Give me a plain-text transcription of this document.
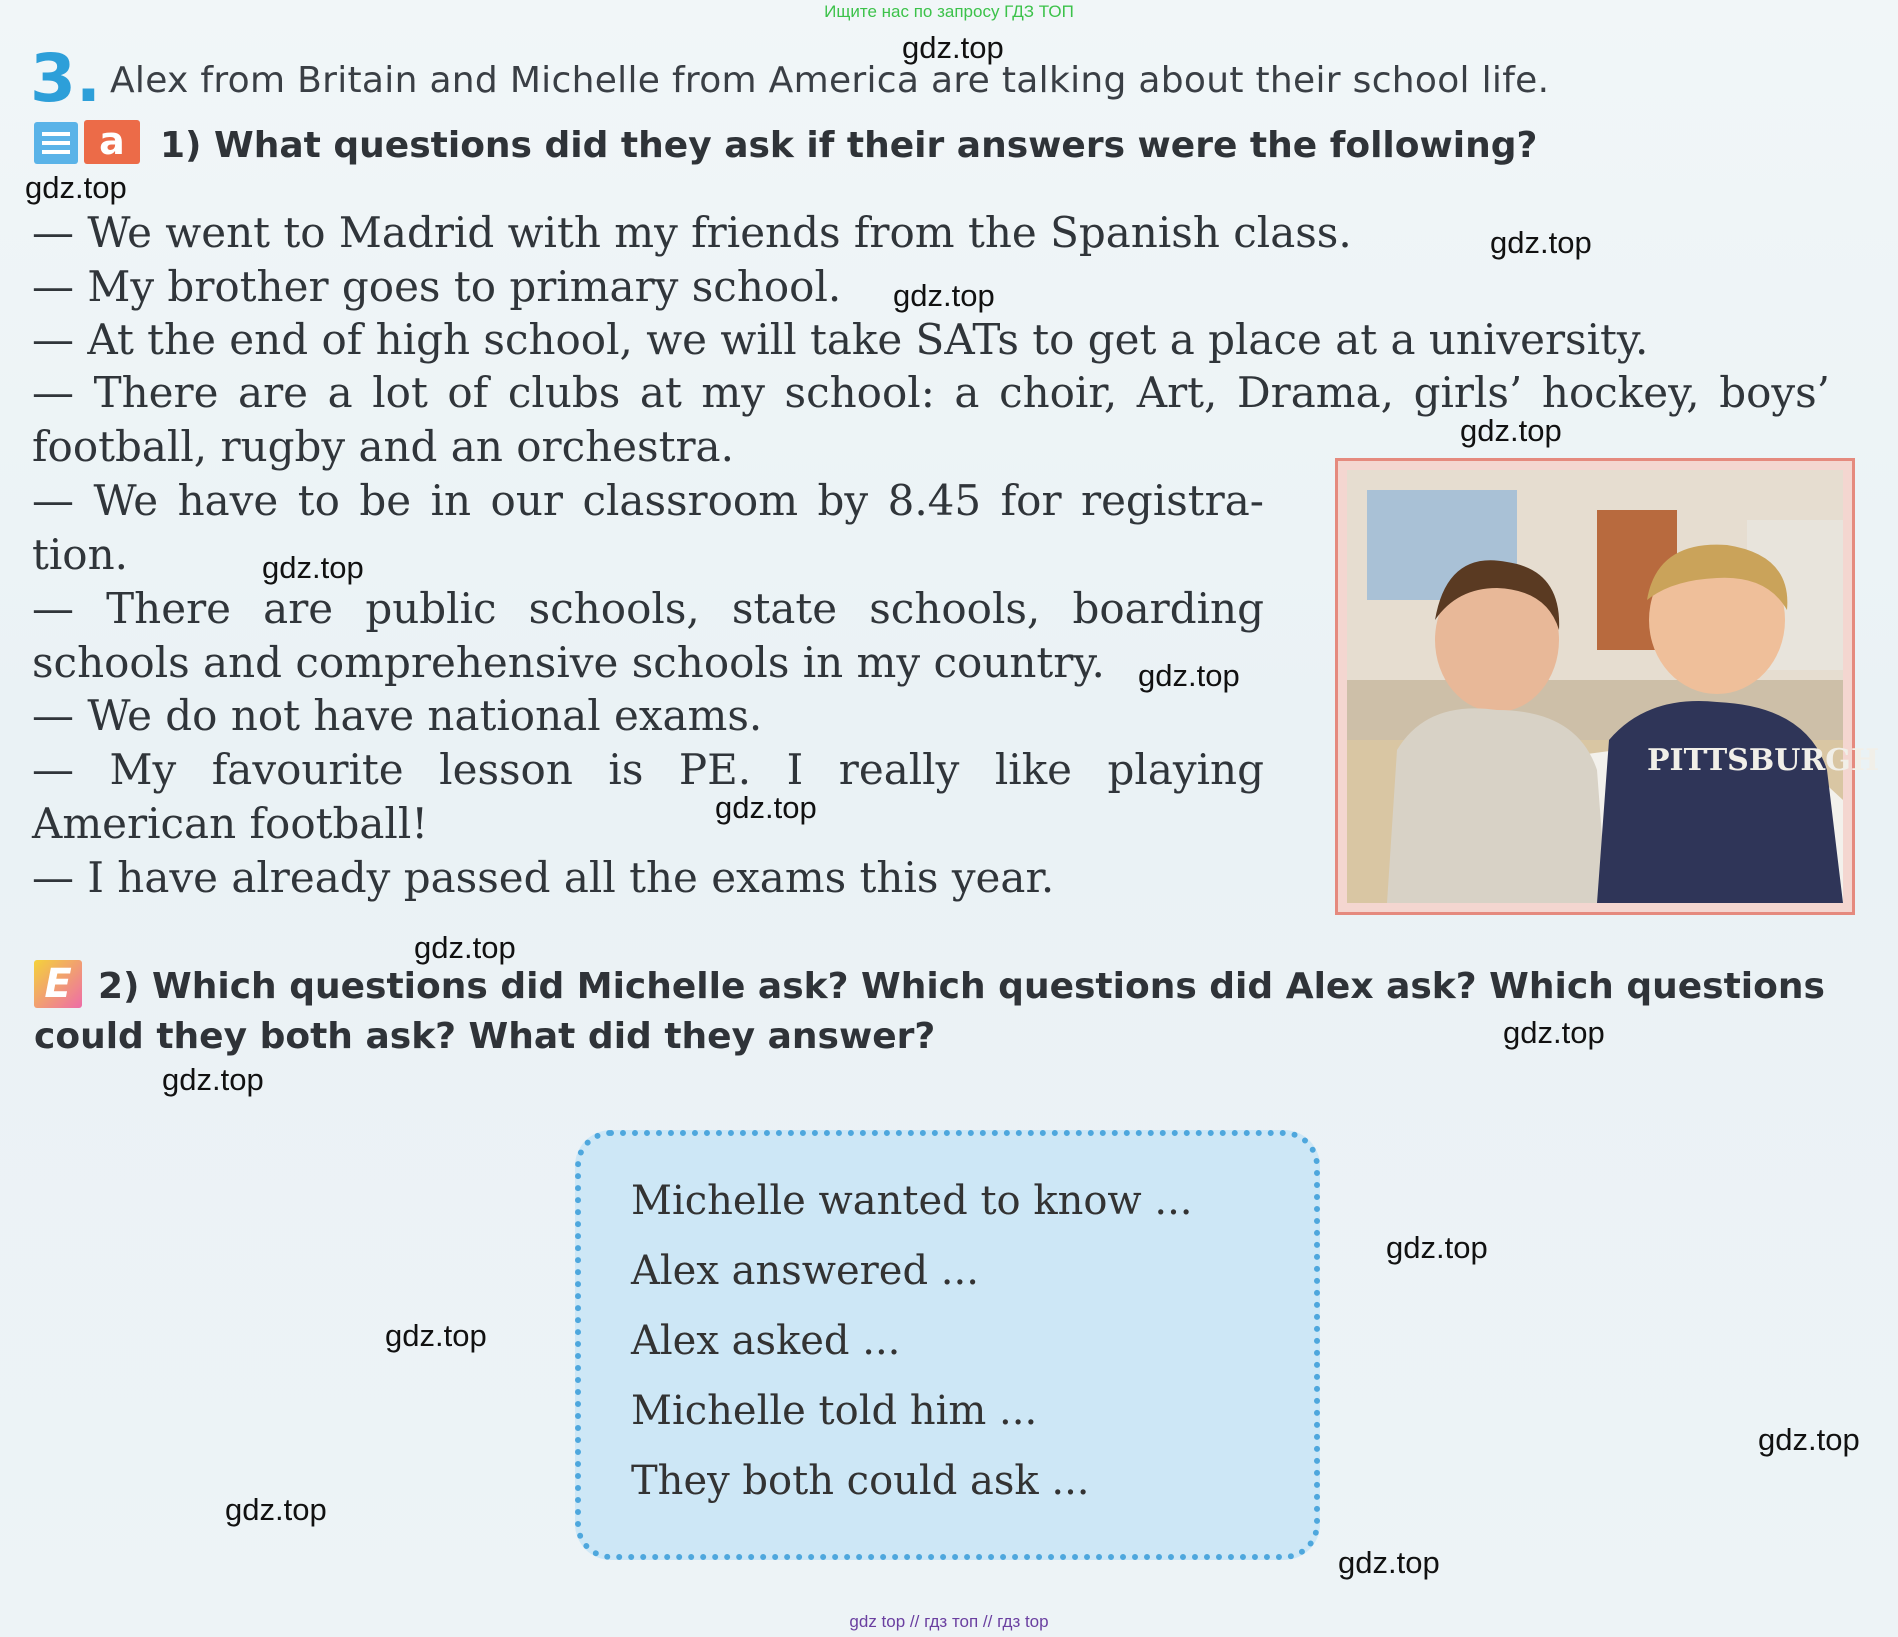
Ищите нас по запросу ГДЗ ТОП
gdz.top
gdz.top
gdz.top
gdz.top
gdz.top
gdz.top
gdz.top
gdz.top
gdz.top
gdz.top
gdz.top
gdz.top
gdz.top
gdz.top
gdz.top
gdz.top
3. Alex from Britain and Michelle from America are talking about their school life.
a 1) What questions did they ask if their answers were the following?
— We went to Madrid with my friends from the Spanish class.
— My brother goes to primary school.
— At the end of high school, we will take SATs to get a place at a university.
— There are a lot of clubs at my school: a choir, Art, Drama, girls’ hockey, boys’
football, rugby and an orchestra.
— We have to be in our classroom by 8.45 for registra-
tion.
— There are public schools, state schools, boarding
schools and comprehensive schools in my country.
— We do not have national exams.
— My favourite lesson is PE. I really like playing
American football!
— I have already passed all the exams this year.
PITTSBURGH
E 2) Which questions did Michelle ask? Which questions did Alex ask? Which questions could they both ask? What did they answer?
Michelle wanted to know ...
Alex answered ...
Alex asked ...
Michelle told him ...
They both could ask ...
gdz top // гдз топ // гдз top
